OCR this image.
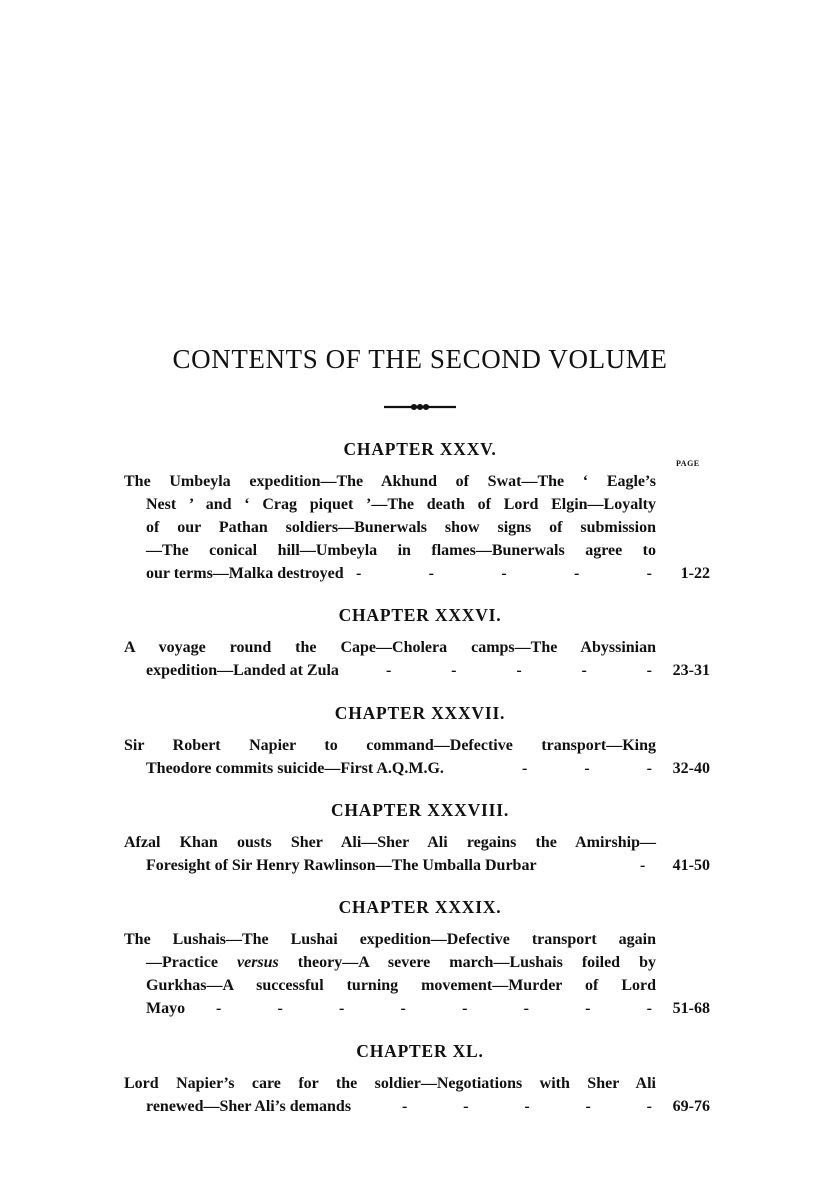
CONTENTS OF THE SECOND VOLUME
CHAPTER XXXV.
PAGE
The Umbeyla expedition—The Akhund of Swat—The ‘ Eagle’s
Nest ’ and ‘ Crag piquet ’—The death of Lord Elgin—Loyalty
of our Pathan soldiers—Bunerwals show signs of submission
—The conical hill—Umbeyla in flames—Bunerwals agree to
our terms—Malka destroyed -	-	-	-	- 1-22
CHAPTER XXXVI.
A voyage round the Cape—Cholera camps—The Abyssinian
expedition—Landed at Zula	-	-	-	-	- 23-31
CHAPTER XXXVII.
Sir Robert Napier to command—Defective transport—King
Theodore commits suicide—First A.Q.M.G.	-	-	- 32-40
CHAPTER XXXVIII.
Afzal Khan ousts Sher Ali—Sher Ali regains the Amirship—
Foresight of Sir Henry Rawlinson—The Umballa Durbar	- 41-50
CHAPTER XXXIX.
The Lushais—The Lushai expedition—Defective transport again
—Practice versus theory—A severe march—Lushais foiled by
Gurkhas—A successful turning movement—Murder of Lord
Mayo -	-	-	-	-	-	-	- 51-68
CHAPTER XL.
Lord Napier’s care for the soldier—Negotiations with Sher Ali
renewed—Sher Ali’s demands	-	-	-	-	- 69-76
